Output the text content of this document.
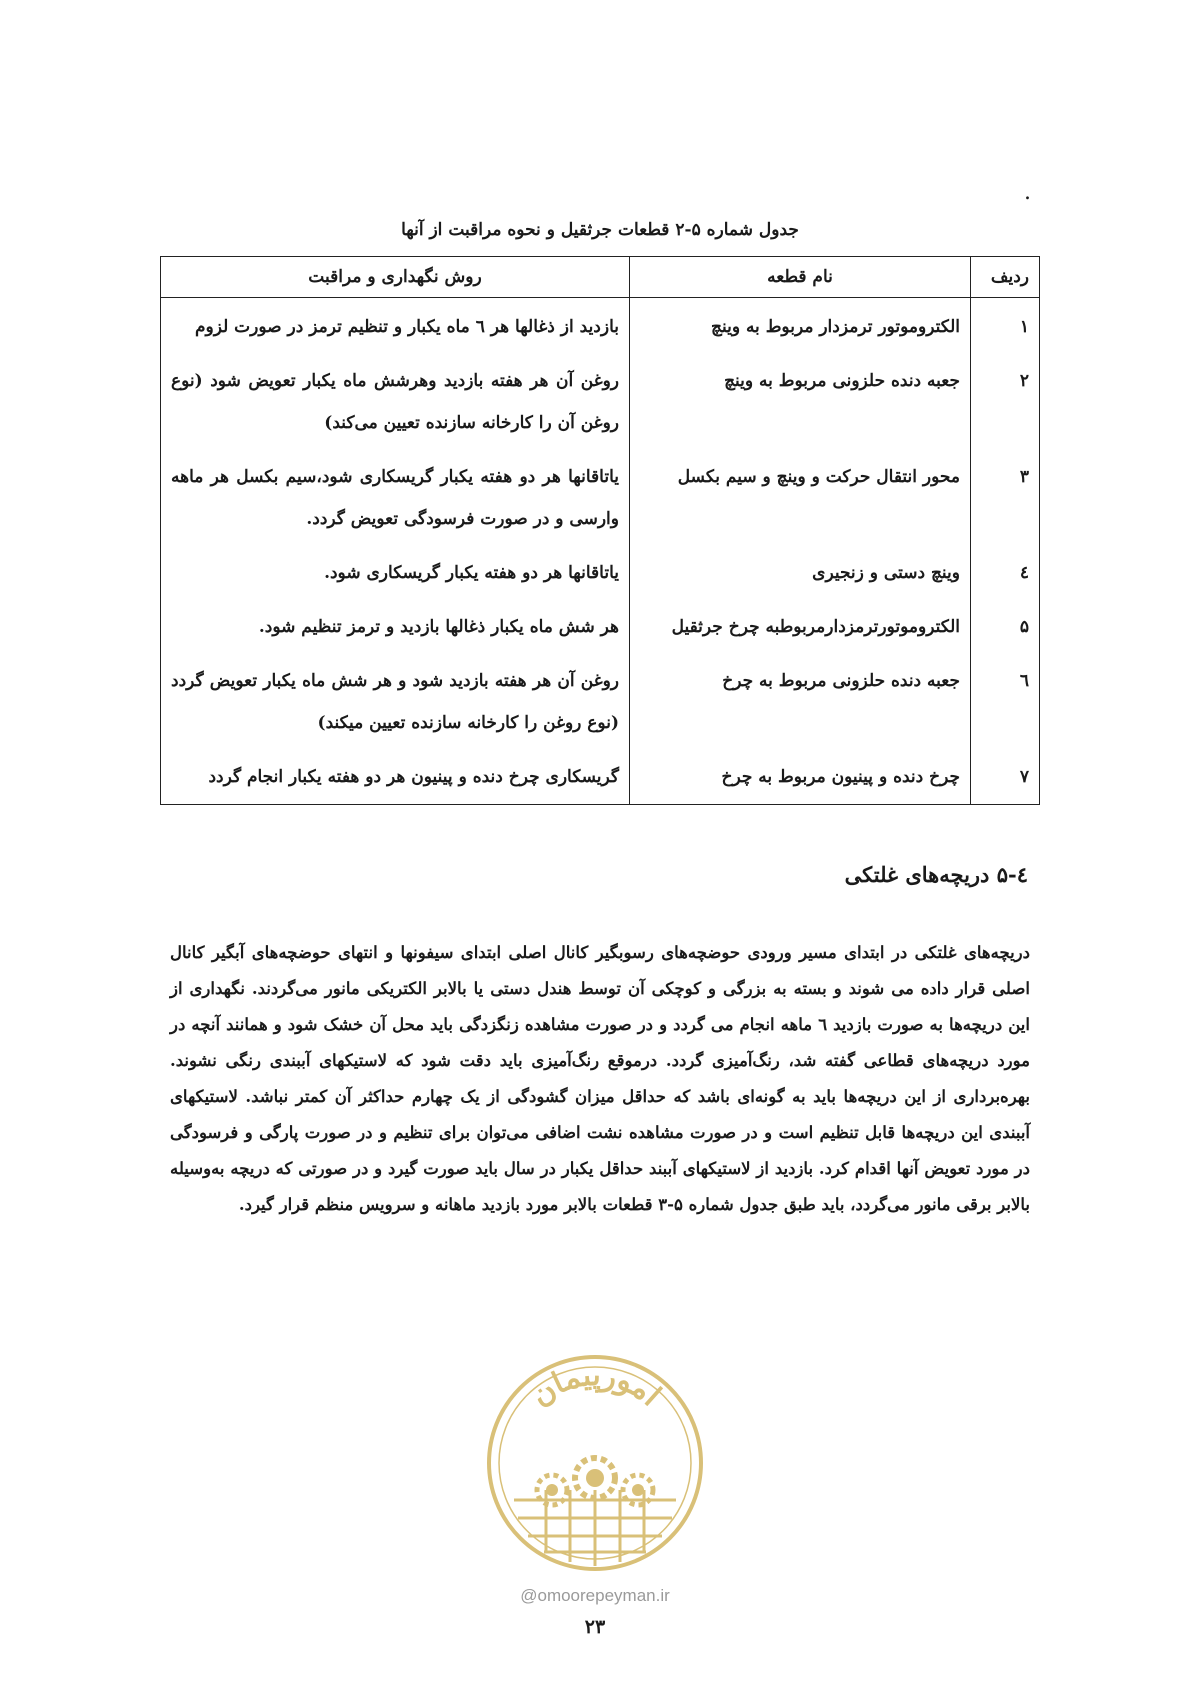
.
جدول شماره ۵-۲ قطعات جرثقیل و نحوه مراقبت از آنها
ردیف	نام قطعه	روش نگهداری و مراقبت
۱	الکتروموتور ترمزدار مربوط به وینچ	بازدید از ذغالها هر ٦ ماه یکبار و تنظیم ترمز در صورت لزوم
۲	جعبه دنده حلزونی مربوط به وینچ	روغن آن هر هفته بازدید وهرشش ماه یکبار تعویض شود (نوع روغن آن را کارخانه سازنده تعیین می‌کند)
۳	محور انتقال حرکت و وینچ و سیم بکسل	یاتاقانها هر دو هفته یکبار گریسکاری شود،سیم بکسل هر ماهه وارسی و در صورت فرسودگی تعویض گردد.
٤	وینچ دستی و زنجیری	یاتاقانها هر دو هفته یکبار گریسکاری شود.
۵	الکتروموتورترمزدارمربوطبه چرخ جرثقیل	هر شش ماه یکبار ذغالها بازدید و ترمز تنظیم شود.
٦	جعبه دنده حلزونی مربوط به چرخ	روغن آن هر هفته بازدید شود و هر شش ماه یکبار تعویض گردد (نوع روغن را کارخانه سازنده تعیین میکند)
۷	چرخ دنده و پینیون مربوط به چرخ	گریسکاری چرخ دنده و پینیون هر دو هفته یکبار انجام گردد
٤-۵ دریچه‌های غلتکی
دریچه‌های غلتکی در ابتدای مسیر ورودی حوضچه‌های رسوبگیر کانال اصلی ابتدای سیفونها و انتهای حوضچه‌های آبگیر کانال اصلی قرار داده می شوند و بسته به بزرگی و کوچکی آن توسط هندل دستی یا بالابر الکتریکی مانور می‌گردند. نگهداری از این دریچه‌ها به صورت بازدید ٦ ماهه انجام می گردد و در صورت مشاهده زنگزدگی باید محل آن خشک شود و همانند آنچه در مورد دریچه‌های قطاعی گفته شد، رنگ‌آمیزی گردد. درموقع رنگ‌آمیزی باید دقت شود که لاستیکهای آببندی رنگی نشوند. بهره‌برداری از این دریچه‌ها باید به گونه‌ای باشد که حداقل میزان گشودگی از یک چهارم حداکثر آن کمتر نباشد. لاستیکهای آببندی این دریچه‌ها قابل تنظیم است و در صورت مشاهده نشت اضافی می‌توان برای تنظیم و در صورت پارگی و فرسودگی در مورد تعویض آنها اقدام کرد. بازدید از لاستیکهای آببند حداقل یکبار در سال باید صورت گیرد و در صورتی که دریچه به‌وسیله بالابر برقی مانور می‌گردد، باید طبق جدول شماره ۵-۳ قطعات بالابر مورد بازدید ماهانه و سرویس منظم قرار گیرد.
امورپیمان
@omoorepeyman.ir
۲۳
